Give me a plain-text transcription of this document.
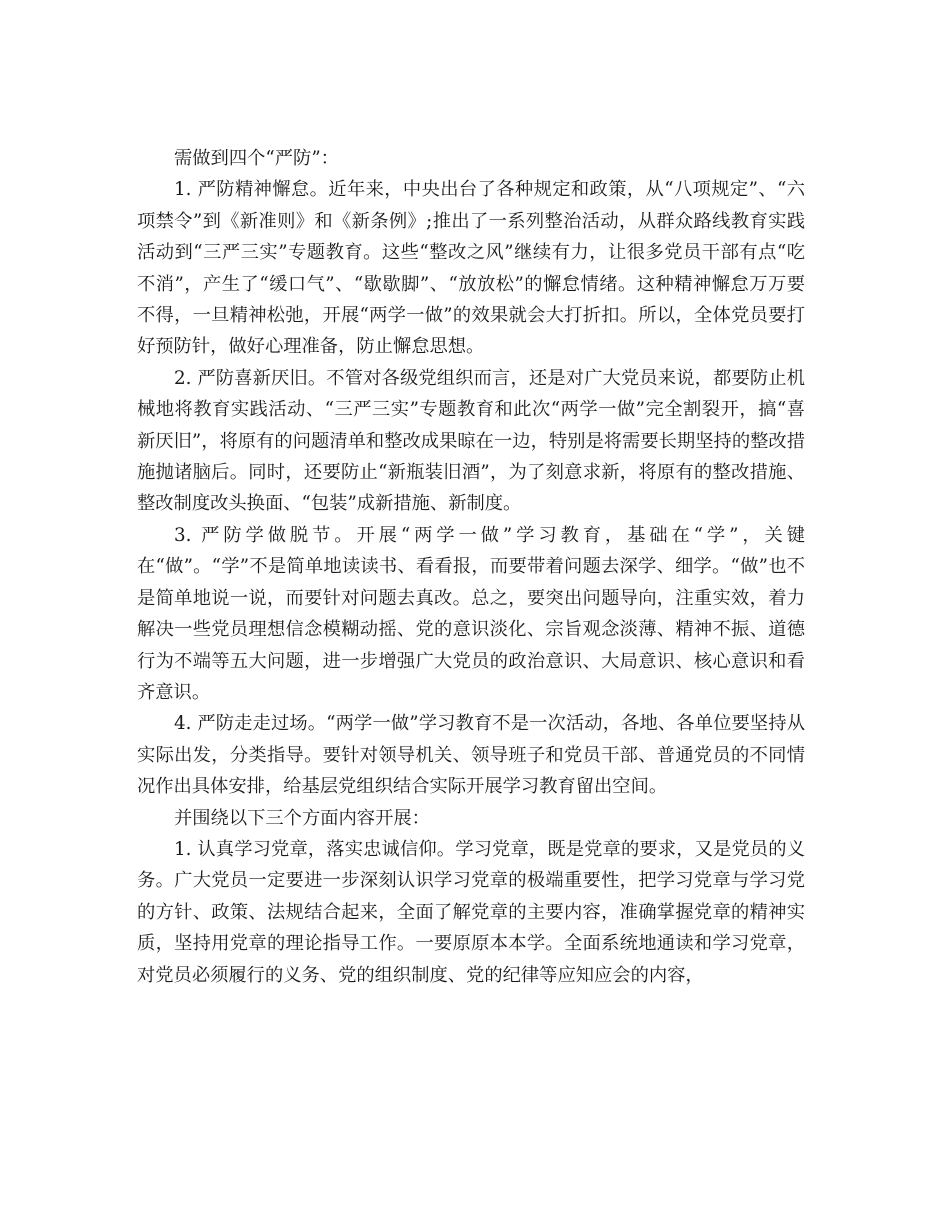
需做到四个“严防”：

1. 严防精神懈怠。近年来，中央出台了各种规定和政策，从“八项规定”、“六项禁令”到《新准则》和《新条例》;推出了一系列整治活动，从群众路线教育实践活动到“三严三实”专题教育。这些“整改之风”继续有力，让很多党员干部有点“吃不消”，产生了“缓口气”、“歇歇脚”、“放放松”的懈怠情绪。这种精神懈怠万万要不得，一旦精神松弛，开展“两学一做”的效果就会大打折扣。所以，全体党员要打好预防针，做好心理准备，防止懈怠思想。

2. 严防喜新厌旧。不管对各级党组织而言，还是对广大党员来说，都要防止机械地将教育实践活动、“三严三实”专题教育和此次“两学一做”完全割裂开，搞“喜新厌旧”，将原有的问题清单和整改成果晾在一边，特别是将需要长期坚持的整改措施抛诸脑后。同时，还要防止“新瓶装旧酒”，为了刻意求新，将原有的整改措施、整改制度改头换面、“包装”成新措施、新制度。

3. 严防学做脱节。开展“两学一做”学习教育，基础在“学”，关键在“做”。“学”不是简单地读读书、看看报，而要带着问题去深学、细学。“做”也不是简单地说一说，而要针对问题去真改。总之，要突出问题导向，注重实效，着力解决一些党员理想信念模糊动摇、党的意识淡化、宗旨观念淡薄、精神不振、道德行为不端等五大问题，进一步增强广大党员的政治意识、大局意识、核心意识和看齐意识。

4. 严防走走过场。“两学一做”学习教育不是一次活动，各地、各单位要坚持从实际出发，分类指导。要针对领导机关、领导班子和党员干部、普通党员的不同情况作出具体安排，给基层党组织结合实际开展学习教育留出空间。

并围绕以下三个方面内容开展：

1. 认真学习党章，落实忠诚信仰。学习党章，既是党章的要求，又是党员的义务。广大党员一定要进一步深刻认识学习党章的极端重要性，把学习党章与学习党的方针、政策、法规结合起来，全面了解党章的主要内容，准确掌握党章的精神实质，坚持用党章的理论指导工作。一要原原本本学。全面系统地通读和学习党章，对党员必须履行的义务、党的组织制度、党的纪律等应知应会的内容，
